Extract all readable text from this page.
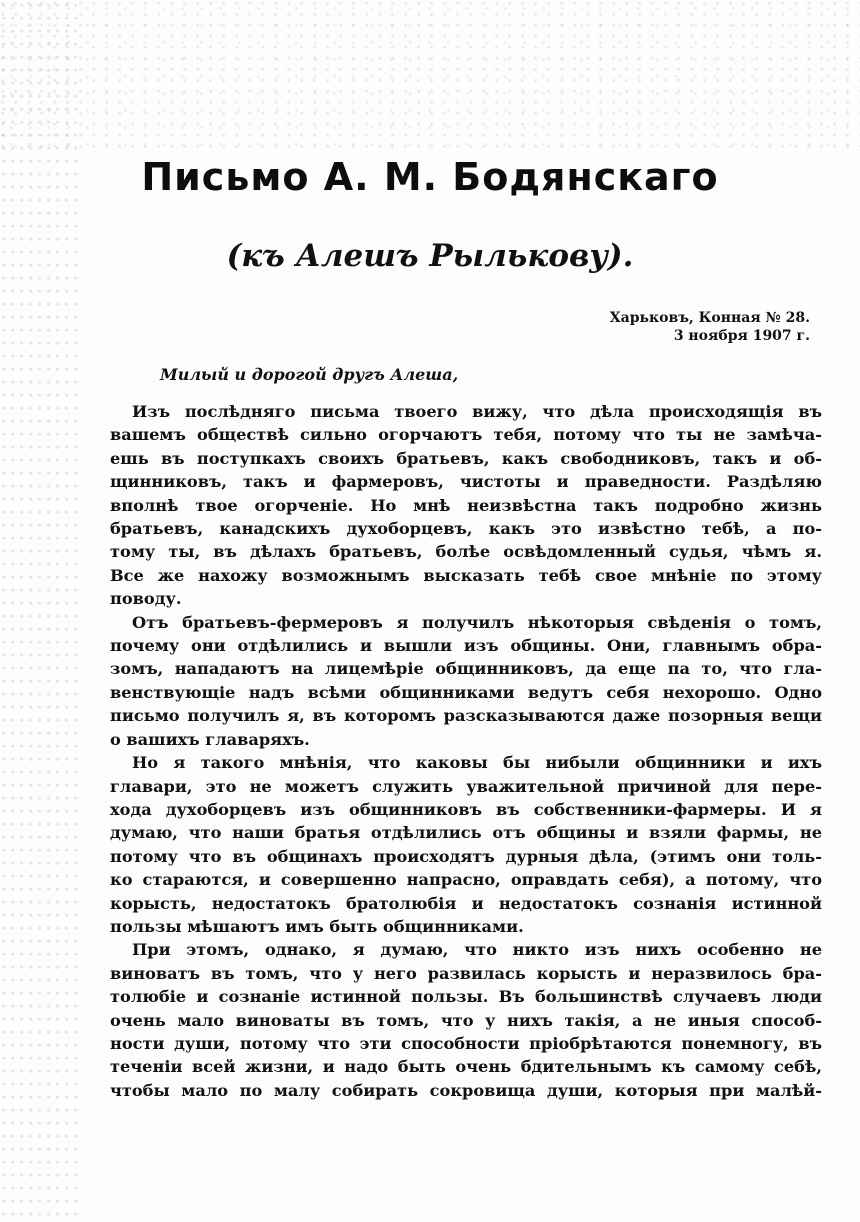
Письмо А. М. Бодянскаго
(къ Алешъ Рылькову).
Харьковъ, Конная № 28.
3 ноября 1907 г.
Милый и дорогой другъ Алеша,
Изъ послѣдняго письма твоего вижу, что дѣла происходящія въ
вашемъ обществѣ сильно огорчаютъ тебя, потому что ты не замѣча-
ешь въ поступкахъ своихъ братьевъ, какъ свободниковъ, такъ и об-
щинниковъ, такъ и фармеровъ, чистоты и праведности. Раздѣляю
вполнѣ твое огорченіе. Но мнѣ неизвѣстна такъ подробно жизнь
братьевъ, канадскихъ духоборцевъ, какъ это извѣстно тебѣ, а по-
тому ты, въ дѣлахъ братьевъ, болѣе освѣдомленный судья, чѣмъ я.
Все же нахожу возможнымъ высказать тебѣ свое мнѣніе по этому
поводу.
Отъ братьевъ-фермеровъ я получилъ нѣкоторыя свѣденія о томъ,
почему они отдѣлились и вышли изъ общины. Они, главнымъ обра-
зомъ, нападаютъ на лицемѣріе общинниковъ, да еще па то, что гла-
венствующіе надъ всѣми общинниками ведутъ себя нехорошо. Одно
письмо получилъ я, въ которомъ разсказываются даже позорныя вещи
о вашихъ главаряхъ.
Но я такого мнѣнія, что каковы бы нибыли общинники и ихъ
главари, это не можетъ служить уважительной причиной для пере-
хода духоборцевъ изъ общинниковъ въ собственники-фармеры. И я
думаю, что наши братья отдѣлились отъ общины и взяли фармы, не
потому что въ общинахъ происходятъ дурныя дѣла, (этимъ они толь-
ко стараются, и совершенно напрасно, оправдать себя), а потому, что
корысть, недостатокъ братолюбія и недостатокъ сознанія истинной
пользы мѣшаютъ имъ быть общинниками.
При этомъ, однако, я думаю, что никто изъ нихъ особенно не
виноватъ въ томъ, что у него развилась корысть и неразвилось бра-
толюбіе и сознаніе истинной пользы. Въ большинствѣ случаевъ люди
очень мало виноваты въ томъ, что у нихъ такія, а не иныя способ-
ности души, потому что эти способности пріобрѣтаются понемногу, въ
теченіи всей жизни, и надо быть очень бдительнымъ къ самому себѣ,
чтобы мало по малу собирать сокровища души, которыя при малѣй-
